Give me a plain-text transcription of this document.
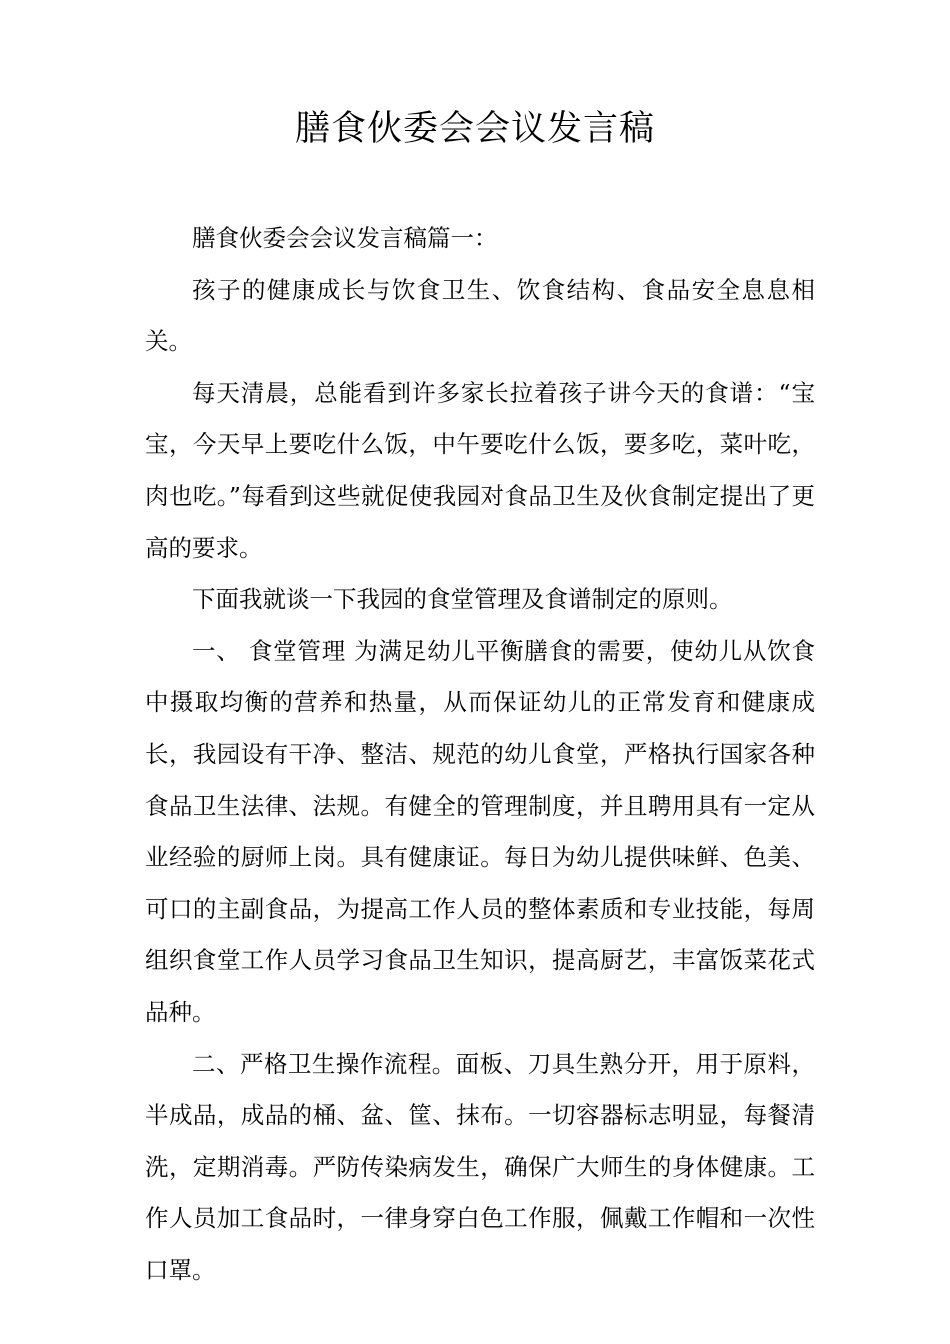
膳食伙委会会议发言稿

膳食伙委会会议发言稿篇一：

孩子的健康成长与饮食卫生、饮食结构、食品安全息息相关。

每天清晨，总能看到许多家长拉着孩子讲今天的食谱：“宝宝，今天早上要吃什么饭，中午要吃什么饭，要多吃，菜叶吃，肉也吃。”每看到这些就促使我园对食品卫生及伙食制定提出了更高的要求。

下面我就谈一下我园的食堂管理及食谱制定的原则。

一、 食堂管理 为满足幼儿平衡膳食的需要，使幼儿从饮食中摄取均衡的营养和热量，从而保证幼儿的正常发育和健康成长，我园设有干净、整洁、规范的幼儿食堂，严格执行国家各种食品卫生法律、法规。有健全的管理制度，并且聘用具有一定从业经验的厨师上岗。具有健康证。每日为幼儿提供味鲜、色美、可口的主副食品，为提高工作人员的整体素质和专业技能，每周组织食堂工作人员学习食品卫生知识，提高厨艺，丰富饭菜花式品种。

二、严格卫生操作流程。面板、刀具生熟分开，用于原料，半成品，成品的桶、盆、筐、抹布。一切容器标志明显，每餐清洗，定期消毒。严防传染病发生，确保广大师生的身体健康。工作人员加工食品时，一律身穿白色工作服，佩戴工作帽和一次性口罩。
